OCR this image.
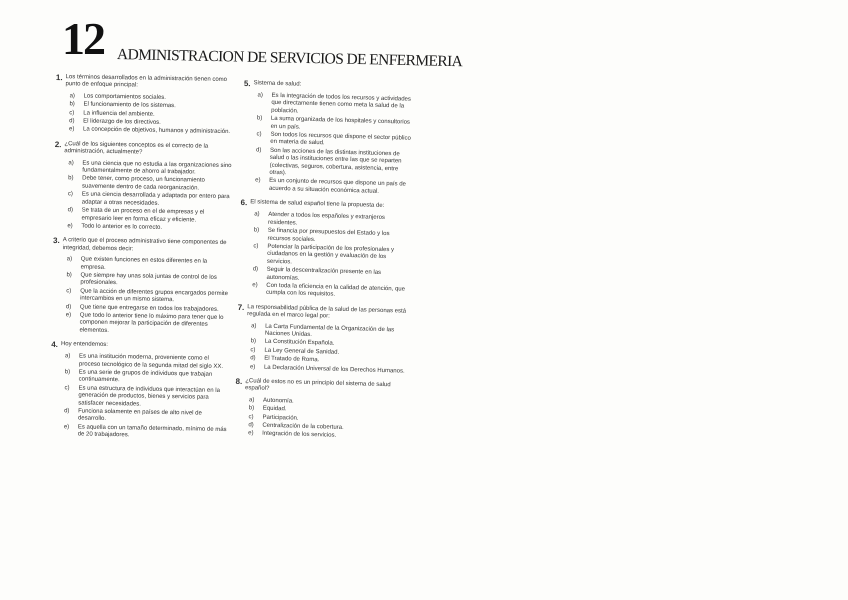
12 ADMINISTRACION DE SERVICIOS DE ENFERMERIA
1. Los términos desarrollados en la administración tienen como punto de enfoque principal:
a)	Los comportamientos sociales.
b)	El funcionamiento de los sistemas.
c)	La influencia del ambiente.
d)	El liderazgo de los directivos.
e)	La concepción de objetivos, humanos y administración.
2. ¿Cuál de los siguientes conceptos es el correcto de la administración, actualmente?
a)	Es una ciencia que no estudia a las organizaciones sino fundamentalmente de ahorro al trabajador.
b)	Debe tener, como proceso, un funcionamiento suavemente dentro de cada reorganización.
c)	Es una ciencia desarrollada y adaptada por entero para adaptar a otras necesidades.
d)	Se trata de un proceso en el de empresas y el empresario leer en forma eficaz y eficiente.
e)	Todo lo anterior es lo correcto.
3. A criterio que el proceso administrativo tiene componentes de integridad, debemos decir:
a)	Que existen funciones en estos diferentes en la empresa.
b)	Que siempre hay unas sola juntas de control de los profesionales.
c)	Que la acción de diferentes grupos encargados permite intercambios en un mismo sistema.
d)	Que tiene que entregarse en todos los trabajadores.
e)	Que todo lo anterior tiene lo máximo para tener que lo componen mejorar la participación de diferentes elementos.
4. Hoy entendemos:
a)	Es una institución moderna, proveniente como el proceso tecnológico de la segunda mitad del siglo XX.
b)	Es una serie de grupos de individuos que trabajan continuamente.
c)	Es una estructura de individuos que interactúan en la generación de productos, bienes y servicios para satisfacer necesidades.
d)	Funciona solamente en países de alto nivel de desarrollo.
e)	Es aquella con un tamaño determinado, mínimo de más de 20 trabajadores.
5. Sistema de salud:
a)	Es la integración de todos los recursos y actividades que directamente tienen como meta la salud de la población.
b)	La suma organizada de los hospitales y consultorios en un país.
c)	Son todos los recursos que dispone el sector público en materia de salud.
d)	Son las acciones de las distintas instituciones de salud o las instituciones entre las que se reparten (colectivas, seguros, cobertura, asistencia, entre otras).
e)	Es un conjunto de recursos que dispone un país de acuerdo a su situación económica actual.
6. El sistema de salud español tiene la propuesta de:
a)	Atender a todos los españoles y extranjeros residentes.
b)	Se financia por presupuestos del Estado y los recursos sociales.
c)	Potenciar la participación de los profesionales y ciudadanos en la gestión y evaluación de los servicios.
d)	Seguir la descentralización presente en las autonomías.
e)	Con toda la eficiencia en la calidad de atención, que cumpla con los requisitos.
7. La responsabilidad pública de la salud de las personas está regulada en el marco legal por:
a)	La Carta Fundamental de la Organización de las Naciones Unidas.
b)	La Constitución Española.
c)	La Ley General de Sanidad.
d)	El Tratado de Roma.
e)	La Declaración Universal de los Derechos Humanos.
8. ¿Cuál de estos no es un principio del sistema de salud español?
a)	Autonomía.
b)	Equidad.
c)	Participación.
d)	Centralización de la cobertura.
e)	Integración de los servicios.
